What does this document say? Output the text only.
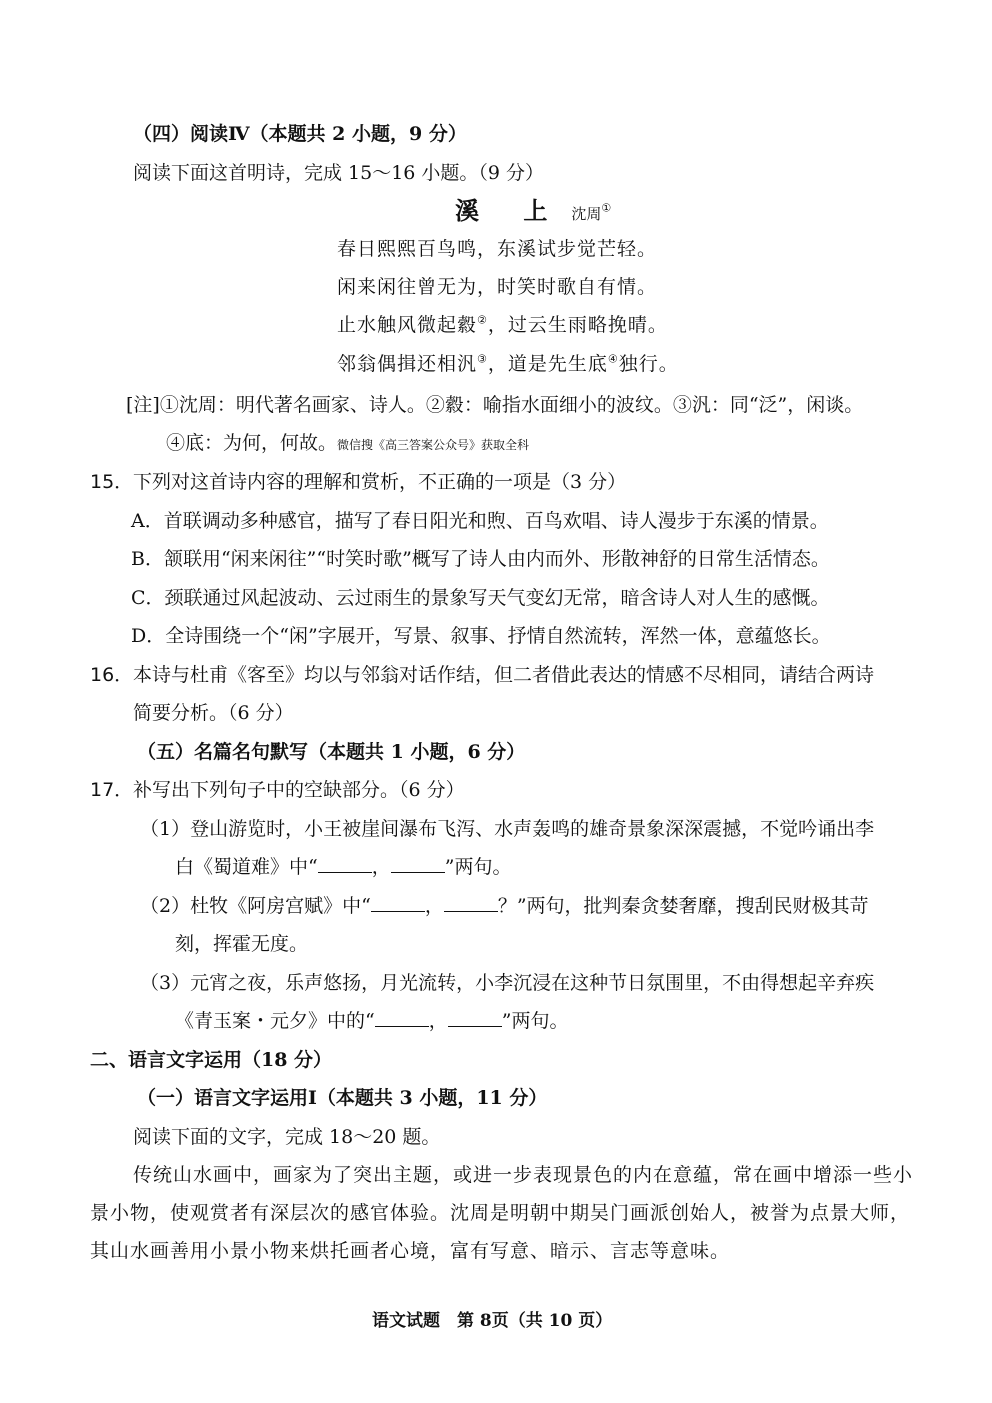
（四）阅读Ⅳ（本题共 2 小题，9 分）
阅读下面这首明诗，完成 15～16 小题。（9 分）
溪 上 沈周①
春日熙熙百鸟鸣，东溪试步觉芒轻。
闲来闲往曾无为，时笑时歌自有情。
止水触风微起縠②，过云生雨略挽晴。
邻翁偶揖还相汎③，道是先生底④独行。
[注]①沈周：明代著名画家、诗人。②縠：喻指水面细小的波纹。③汎：同“泛”，闲谈。
④底：为何，何故。微信搜《高三答案公众号》获取全科
15． 下列对这首诗内容的理解和赏析，不正确的一项是（3 分）
A．首联调动多种感官，描写了春日阳光和煦、百鸟欢唱、诗人漫步于东溪的情景。
B．颔联用“闲来闲往”“时笑时歌”概写了诗人由内而外、形散神舒的日常生活情态。
C．颈联通过风起波动、云过雨生的景象写天气变幻无常，暗含诗人对人生的感慨。
D．全诗围绕一个“闲”字展开，写景、叙事、抒情自然流转，浑然一体，意蕴悠长。
16． 本诗与杜甫《客至》均以与邻翁对话作结，但二者借此表达的情感不尽相同，请结合两诗
简要分析。（6 分）
（五）名篇名句默写（本题共 1 小题，6 分）
17． 补写出下列句子中的空缺部分。（6 分）
（1）登山游览时，小王被崖间瀑布飞泻、水声轰鸣的雄奇景象深深震撼，不觉吟诵出李
白《蜀道难》中“	，	”两句。
（2）杜牧《阿房宫赋》中“	，	？”两句，批判秦贪婪奢靡，搜刮民财极其苛
刻，挥霍无度。
（3）元宵之夜，乐声悠扬，月光流转，小李沉浸在这种节日氛围里，不由得想起辛弃疾
《青玉案・元夕》中的“	，	”两句。
二、语言文字运用（18 分）
（一）语言文字运用Ⅰ（本题共 3 小题，11 分）
阅读下面的文字，完成 18～20 题。
传统山水画中，画家为了突出主题，或进一步表现景色的内在意蕴，常在画中增添一些小
景小物，使观赏者有深层次的感官体验。沈周是明朝中期吴门画派创始人，被誉为点景大师，
其山水画善用小景小物来烘托画者心境，富有写意、暗示、言志等意味。
语文试题　第 8页（共 10 页）
